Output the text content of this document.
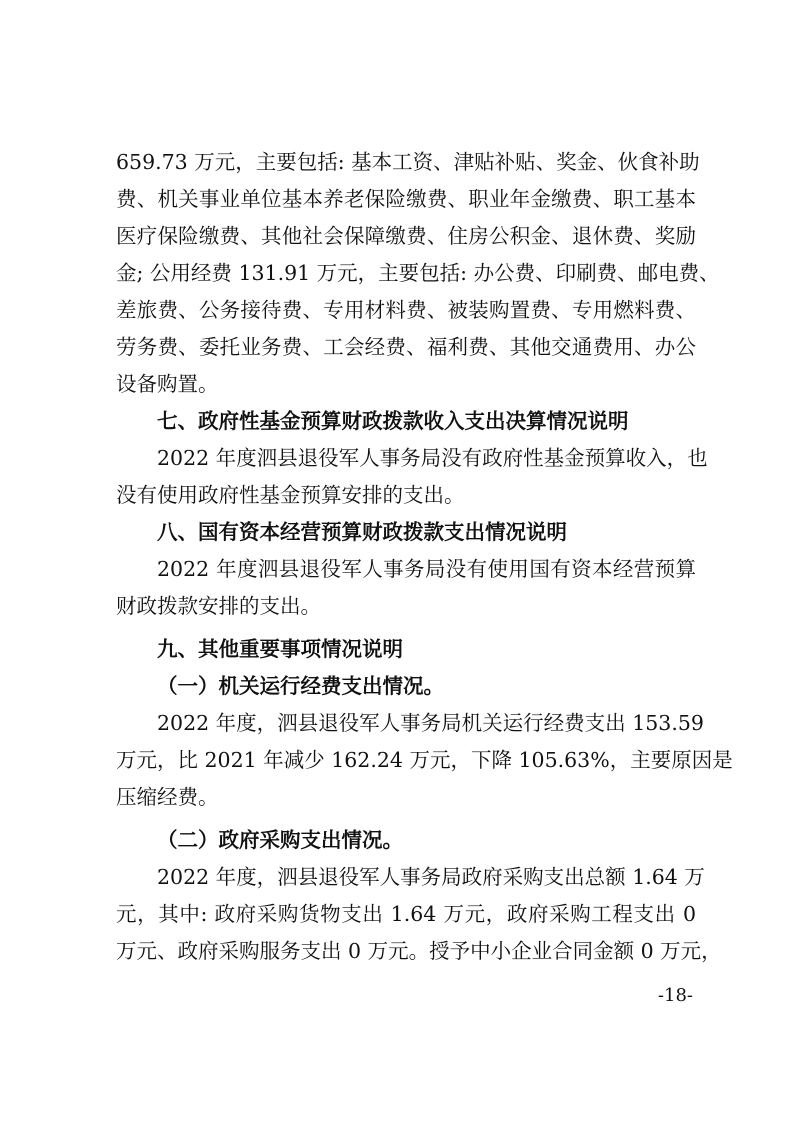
659.73 万元，主要包括: 基本工资、津贴补贴、奖金、伙食补助

费、机关事业单位基本养老保险缴费、职业年金缴费、职工基本

医疗保险缴费、其他社会保障缴费、住房公积金、退休费、奖励

金; 公用经费 131.91 万元，主要包括: 办公费、印刷费、邮电费、

差旅费、公务接待费、专用材料费、被装购置费、专用燃料费、

劳务费、委托业务费、工会经费、福利费、其他交通费用、办公

设备购置。

七、政府性基金预算财政拨款收入支出决算情况说明

2022 年度泗县退役军人事务局没有政府性基金预算收入，也

没有使用政府性基金预算安排的支出。

八、国有资本经营预算财政拨款支出情况说明

2022 年度泗县退役军人事务局没有使用国有资本经营预算

财政拨款安排的支出。

九、其他重要事项情况说明

（一）机关运行经费支出情况。

2022 年度，泗县退役军人事务局机关运行经费支出 153.59

万元，比 2021 年减少 162.24 万元，下降 105.63%，主要原因是

压缩经费。

（二）政府采购支出情况。

2022 年度，泗县退役军人事务局政府采购支出总额 1.64 万

元，其中: 政府采购货物支出 1.64 万元，政府采购工程支出 0

万元、政府采购服务支出 0 万元。授予中小企业合同金额 0 万元，

-18-
